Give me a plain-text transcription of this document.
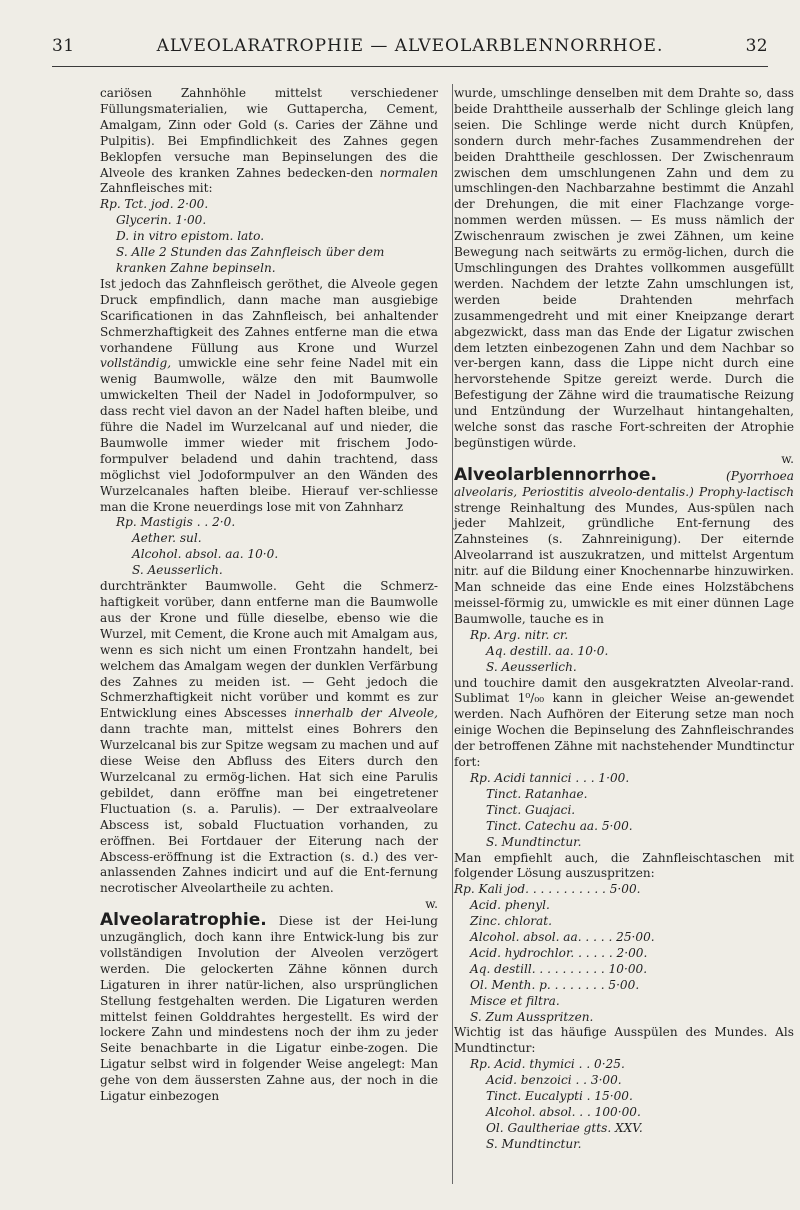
31	ALVEOLARATROPHIE — ALVEOLARBLENNORRHOE.	32

cariösen Zahnhöhle mittelst verschiedener Füllungsmaterialien, wie Guttapercha, Cement, Amalgam, Zinn oder Gold (s. Caries der Zähne und Pulpitis). Bei Empfindlichkeit des Zahnes gegen Beklopfen versuche man Bepinselungen des die Alveole des kranken Zahnes bedecken-den normalen Zahnfleisches mit:

Rp. Tct. jod. 2·00.

Glycerin. 1·00.

D. in vitro epistom. lato.

S. Alle 2 Stunden das Zahnfleisch über dem kranken Zahne bepinseln.

Ist jedoch das Zahnfleisch geröthet, die Alveole gegen Druck empfindlich, dann mache man ausgiebige Scarificationen in das Zahnfleisch, bei anhaltender Schmerzhaftigkeit des Zahnes entferne man die etwa vorhandene Füllung aus Krone und Wurzel vollständig, umwickle eine sehr feine Nadel mit ein wenig Baumwolle, wälze den mit Baumwolle umwickelten Theil der Nadel in Jodoformpulver, so dass recht viel davon an der Nadel haften bleibe, und führe die Nadel im Wurzelcanal auf und nieder, die Baumwolle immer wieder mit frischem Jodo-formpulver beladend und dahin trachtend, dass möglichst viel Jodoformpulver an den Wänden des Wurzelcanales haften bleibe. Hierauf ver-schliesse man die Krone neuerdings lose mit von Zahnharz

Rp. Mastigis . . 2·0.

Aether. sul.

Alcohol. absol. aa. 10·0.

S. Aeusserlich.

durchtränkter Baumwolle. Geht die Schmerz-haftigkeit vorüber, dann entferne man die Baumwolle aus der Krone und fülle dieselbe, ebenso wie die Wurzel, mit Cement, die Krone auch mit Amalgam aus, wenn es sich nicht um einen Frontzahn handelt, bei welchem das Amalgam wegen der dunklen Verfärbung des Zahnes zu meiden ist. — Geht jedoch die Schmerzhaftigkeit nicht vorüber und kommt es zur Entwicklung eines Abscesses innerhalb der Alveole, dann trachte man, mittelst eines Bohrers den Wurzelcanal bis zur Spitze wegsam zu machen und auf diese Weise den Abfluss des Eiters durch den Wurzelcanal zu ermög-lichen. Hat sich eine Parulis gebildet, dann eröffne man bei eingetretener Fluctuation (s. a. Parulis). — Der extraalveolare Abscess ist, sobald Fluctuation vorhanden, zu eröffnen. Bei Fortdauer der Eiterung nach der Abscess-eröffnung ist die Extraction (s. d.) des ver-anlassenden Zahnes indicirt und auf die Ent-fernung necrotischer Alveolartheile zu achten.

w.

Alveolaratrophie. Diese ist der Hei-lung unzugänglich, doch kann ihre Entwick-lung bis zur vollständigen Involution der Alveolen verzögert werden. Die gelockerten Zähne können durch Ligaturen in ihrer natür-lichen, also ursprünglichen Stellung festgehalten werden. Die Ligaturen werden mittelst feinen Golddrahtes hergestellt. Es wird der lockere Zahn und mindestens noch der ihm zu jeder Seite benachbarte in die Ligatur einbe-zogen. Die Ligatur selbst wird in folgender Weise angelegt: Man gehe von dem äussersten Zahne aus, der noch in die Ligatur einbezogen

wurde, umschlinge denselben mit dem Drahte so, dass beide Drahttheile ausserhalb der Schlinge gleich lang seien. Die Schlinge werde nicht durch Knüpfen, sondern durch mehr-faches Zusammendrehen der beiden Drahttheile geschlossen. Der Zwischenraum zwischen dem umschlungenen Zahn und dem zu umschlingen-den Nachbarzahne bestimmt die Anzahl der Drehungen, die mit einer Flachzange vorge-nommen werden müssen. — Es muss nämlich der Zwischenraum zwischen je zwei Zähnen, um keine Bewegung nach seitwärts zu ermög-lichen, durch die Umschlingungen des Drahtes vollkommen ausgefüllt werden. Nachdem der letzte Zahn umschlungen ist, werden beide Drahtenden mehrfach zusammengedreht und mit einer Kneipzange derart abgezwickt, dass man das Ende der Ligatur zwischen dem letzten einbezogenen Zahn und dem Nachbar so ver-bergen kann, dass die Lippe nicht durch eine hervorstehende Spitze gereizt werde. Durch die Befestigung der Zähne wird die traumatische Reizung und Entzündung der Wurzelhaut hintangehalten, welche sonst das rasche Fort-schreiten der Atrophie begünstigen würde.

w.

Alveolarblennorrhoe.	(Pyorrhoea alveolaris, Periostitis alveolo-dentalis.) Prophy-lactisch strenge Reinhaltung des Mundes, Aus-spülen nach jeder Mahlzeit, gründliche Ent-fernung des Zahnsteines (s. Zahnreinigung). Der eiternde Alveolarrand ist auszukratzen, und mittelst Argentum nitr. auf die Bildung einer Knochennarbe hinzuwirken. Man schneide das eine Ende eines Holzstäbchens meissel-förmig zu, umwickle es mit einer dünnen Lage Baumwolle, tauche es in

Rp. Arg. nitr. cr.

Aq. destill. aa. 10·0.

S. Aeusserlich.

und touchire damit den ausgekratzten Alveolar-rand. Sublimat 1⁰/₀₀ kann in gleicher Weise an-gewendet werden. Nach Aufhören der Eiterung setze man noch einige Wochen die Bepinselung des Zahnfleischrandes der betroffenen Zähne mit nachstehender Mundtinctur fort:

Rp. Acidi tannici . . . 1·00.

Tinct. Ratanhae.

Tinct. Guajaci.

Tinct. Catechu aa. 5·00.

S. Mundtinctur.

Man empfiehlt auch, die Zahnfleischtaschen mit folgender Lösung auszuspritzen:

Rp. Kali jod. . . . . . . . . . . 5·00.

Acid. phenyl.

Zinc. chlorat.

Alcohol. absol. aa. . . . . 25·00.

Acid. hydrochlor. . . . . . 2·00.

Aq. destill. . . . . . . . . . 10·00.

Ol. Menth. p. . . . . . . . 5·00.

Misce et filtra.

S. Zum Ausspritzen.

Wichtig ist das häufige Ausspülen des Mundes. Als Mundtinctur:

Rp. Acid. thymici . . 0·25.

Acid. benzoici . . 3·00.

Tinct. Eucalypti . 15·00.

Alcohol. absol. . . 100·00.

Ol. Gaultheriae gtts. XXV.

S. Mundtinctur.
